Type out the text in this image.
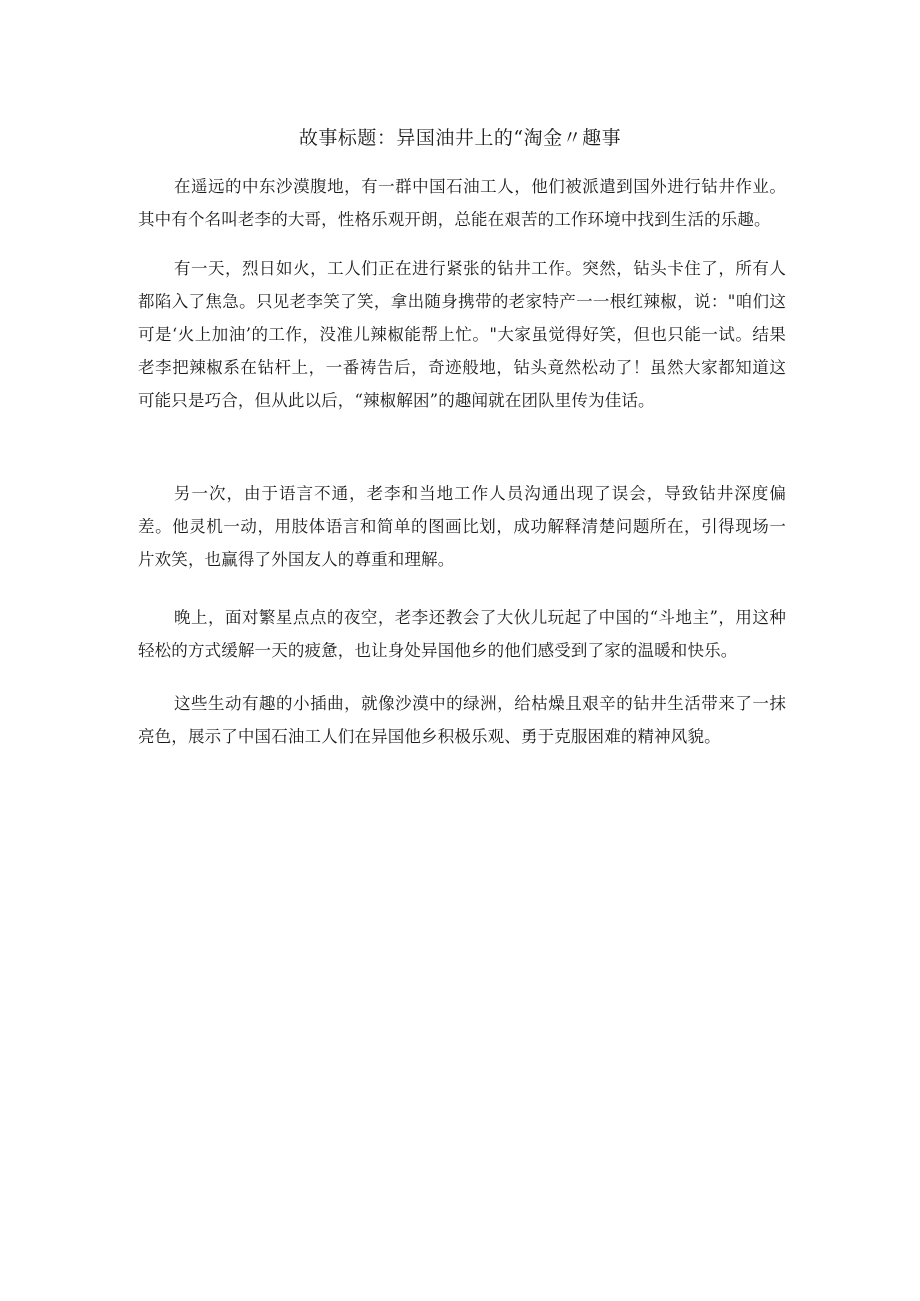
故事标题：异国油井上的“淘金〃趣事

在遥远的中东沙漠腹地，有一群中国石油工人，他们被派遣到国外进行钻井作业。其中有个名叫老李的大哥，性格乐观开朗，总能在艰苦的工作环境中找到生活的乐趣。

有一天，烈日如火，工人们正在进行紧张的钻井工作。突然，钻头卡住了，所有人都陷入了焦急。只见老李笑了笑，拿出随身携带的老家特产一一根红辣椒，说："咱们这可是‘火上加油’的工作，没准儿辣椒能帮上忙。"大家虽觉得好笑，但也只能一试。结果老李把辣椒系在钻杆上，一番祷告后，奇迹般地，钻头竟然松动了！虽然大家都知道这可能只是巧合，但从此以后，“辣椒解困”的趣闻就在团队里传为佳话。

另一次，由于语言不通，老李和当地工作人员沟通出现了误会，导致钻井深度偏差。他灵机一动，用肢体语言和简单的图画比划，成功解释清楚问题所在，引得现场一片欢笑，也赢得了外国友人的尊重和理解。

晚上，面对繁星点点的夜空，老李还教会了大伙儿玩起了中国的“斗地主”，用这种轻松的方式缓解一天的疲惫，也让身处异国他乡的他们感受到了家的温暖和快乐。

这些生动有趣的小插曲，就像沙漠中的绿洲，给枯燥且艰辛的钻井生活带来了一抹亮色，展示了中国石油工人们在异国他乡积极乐观、勇于克服困难的精神风貌。
